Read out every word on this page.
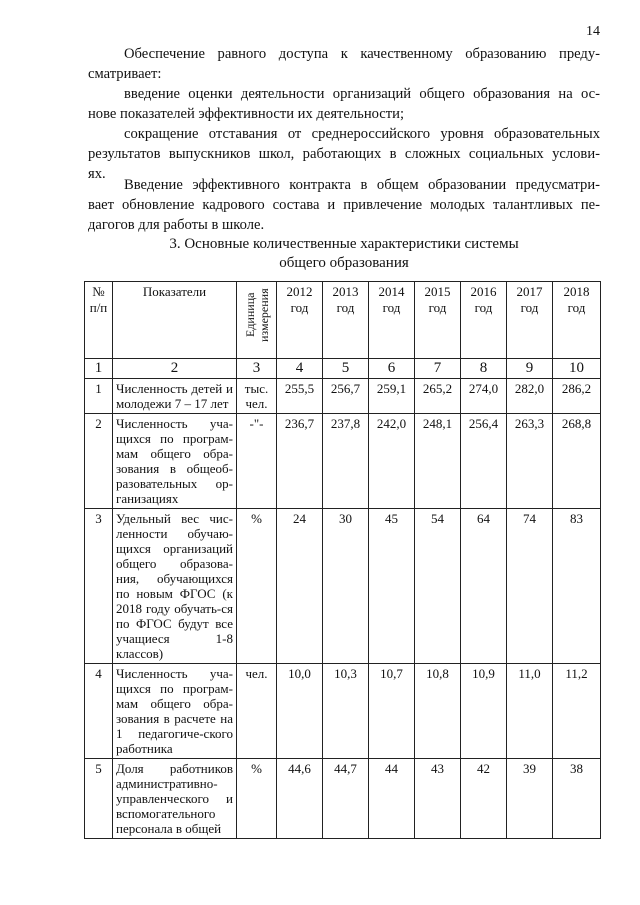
14
Обеспечение равного доступа к качественному образованию преду-
сматривает:
введение оценки деятельности организаций общего образования на ос-
нове показателей эффективности их деятельности;
сокращение отставания от среднероссийского уровня образовательных
результатов выпускников школ, работающих в сложных социальных услови-
ях.
Введение эффективного контракта в общем образовании предусматри-
вает обновление кадрового состава и привлечение молодых талантливых пе-
дагогов для работы в школе.
3. Основные количественные характеристики системы
общего образования
№ п/п	Показатели	Единица измерения	2012 год	2013 год	2014 год	2015 год	2016 год	2017 год	2018 год
1	2	3	4	5	6	7	8	9	10
1	Численность детей и молодежи 7 – 17 лет	тыс. чел.	255,5	256,7	259,1	265,2	274,0	282,0	286,2
2	Численность уча-щихся по програм-мам общего обра-зования в общеоб-разовательных ор-ганизациях	-"-	236,7	237,8	242,0	248,1	256,4	263,3	268,8
3	Удельный вес чис-ленности обучаю-щихся организаций общего образова-ния, обучающихся по новым ФГОС (к 2018 году обучать-ся по ФГОС будут все учащиеся 1-8 классов)	%	24	30	45	54	64	74	83
4	Численность уча-щихся по програм-мам общего обра-зования в расчете на 1 педагогиче-ского работника	чел.	10,0	10,3	10,7	10,8	10,9	11,0	11,2
5	Доля работников административно-управленческого и вспомогательного персонала в общей	%	44,6	44,7	44	43	42	39	38
